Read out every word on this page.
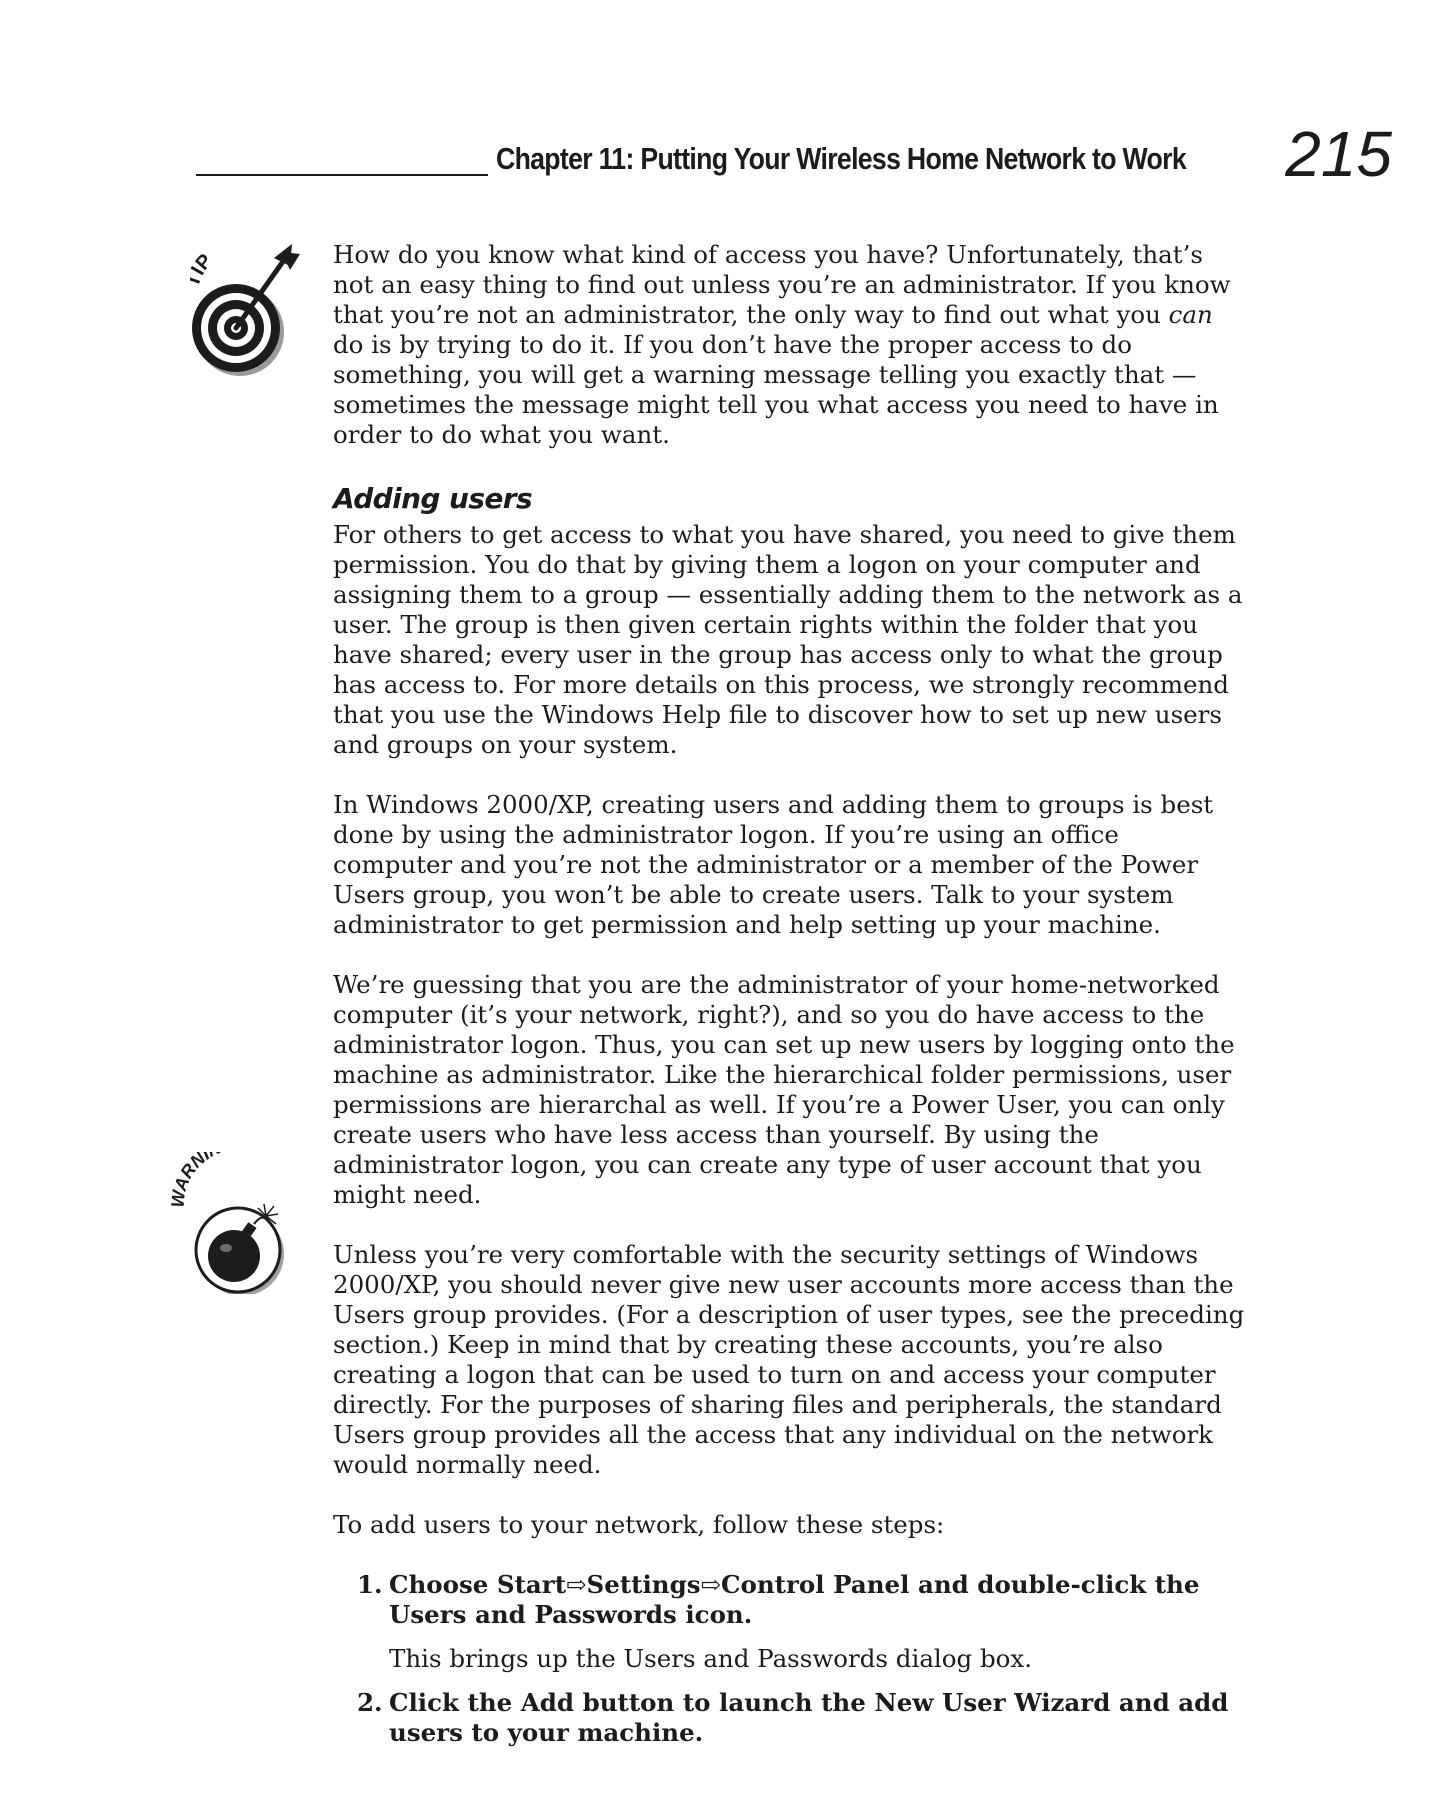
Chapter 11: Putting Your Wireless Home Network to Work 215
P
ARNI

How do you know what kind of access you have? Unfortunately, that’s not an easy thing to find out unless you’re an administrator. If you know that you’re not an administrator, the only way to find out what you can do is by trying to do it. If you don’t have the proper access to do something, you will get a warning message telling you exactly that — sometimes the message might tell you what access you need to have in order to do what you want.

Adding users

For others to get access to what you have shared, you need to give them permission. You do that by giving them a logon on your computer and assigning them to a group — essentially adding them to the network as a user. The group is then given certain rights within the folder that you have shared; every user in the group has access only to what the group has access to. For more details on this process, we strongly recommend that you use the Windows Help file to discover how to set up new users and groups on your system.

In Windows 2000/XP, creating users and adding them to groups is best done by using the administrator logon. If you’re using an office computer and you’re not the administrator or a member of the Power Users group, you won’t be able to create users. Talk to your system administrator to get permission and help setting up your machine.

We’re guessing that you are the administrator of your home-networked computer (it’s your network, right?), and so you do have access to the administrator logon. Thus, you can set up new users by logging onto the machine as administrator. Like the hierarchical folder permissions, user permissions are hierarchal as well. If you’re a Power User, you can only create users who have less access than yourself. By using the administrator logon, you can create any type of user account that you might need.

Unless you’re very comfortable with the security settings of Windows 2000/XP, you should never give new user accounts more access than the Users group provides. (For a description of user types, see the preceding section.) Keep in mind that by creating these accounts, you’re also creating a logon that can be used to turn on and access your computer directly. For the purposes of sharing files and peripherals, the standard Users group provides all the access that any individual on the network would normally need.

To add users to your network, follow these steps:

1. Choose Start⇨Settings⇨Control Panel and double-click the Users and Passwords icon.
This brings up the Users and Passwords dialog box.
2. Click the Add button to launch the New User Wizard and add users to your machine.
